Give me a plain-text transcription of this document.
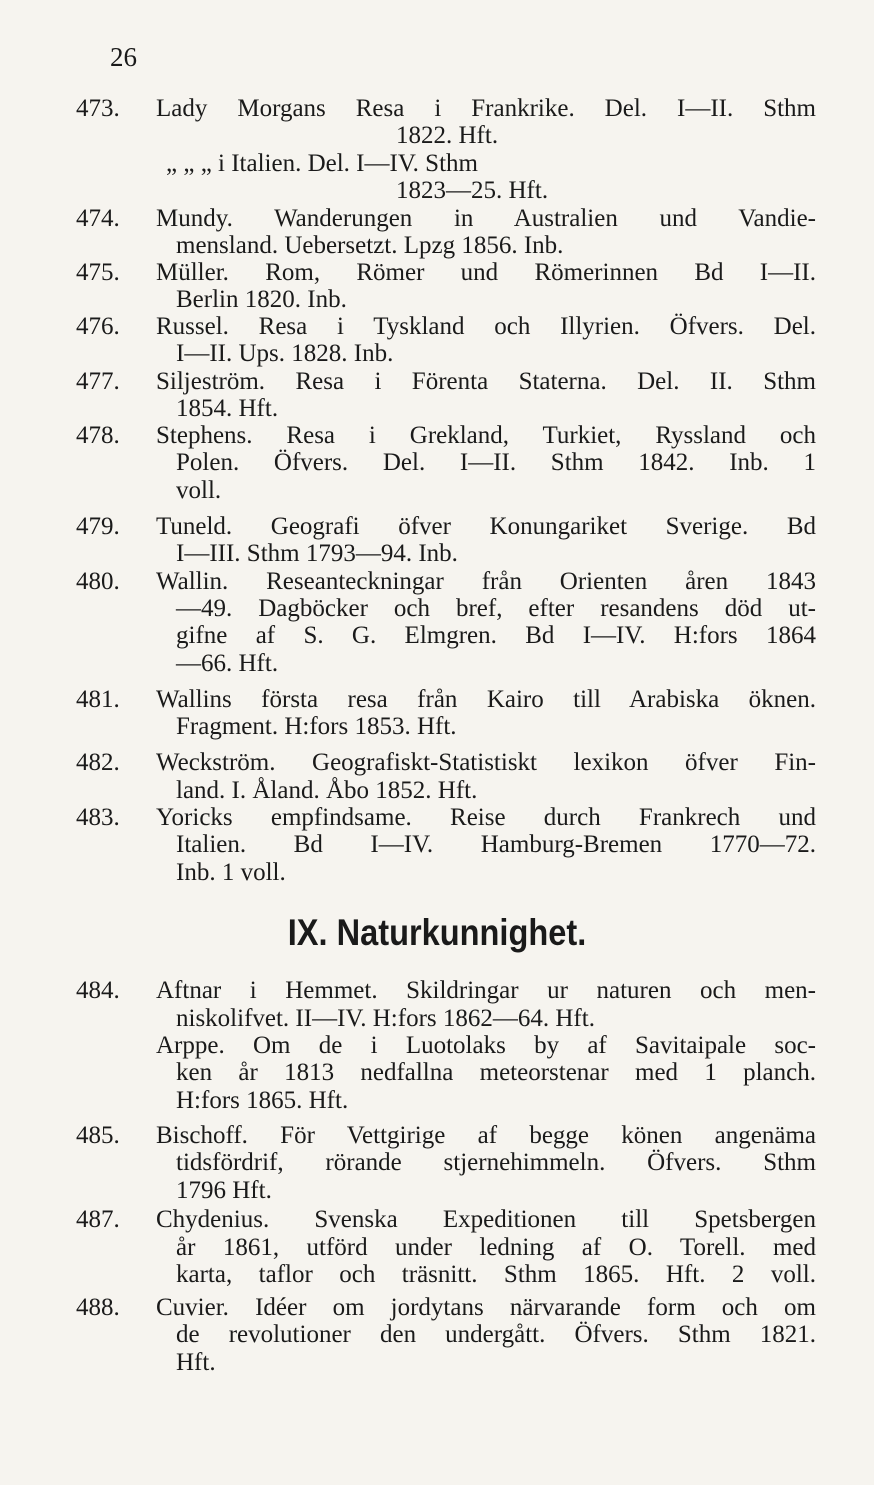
26
473.	Lady Morgans Resa i Frankrike. Del. I—II. Sthm
1822. Hft.
„ „ „ i Italien. Del. I—IV. Sthm
1823—25. Hft.
474.	Mundy. Wanderungen in Australien und Vandie-
mensland. Uebersetzt. Lpzg 1856. Inb.
475.	Müller. Rom, Römer und Römerinnen Bd I—II.
Berlin 1820. Inb.
476.	Russel. Resa i Tyskland och Illyrien. Öfvers. Del.
I—II. Ups. 1828. Inb.
477.	Siljeström. Resa i Förenta Staterna. Del. II. Sthm
1854. Hft.
478.	Stephens. Resa i Grekland, Turkiet, Ryssland och
Polen. Öfvers. Del. I—II. Sthm 1842. Inb. 1
voll.
479.	Tuneld. Geografi öfver Konungariket Sverige. Bd
I—III. Sthm 1793—94. Inb.
480.	Wallin. Reseanteckningar från Orienten åren 1843
—49. Dagböcker och bref, efter resandens död ut-
gifne af S. G. Elmgren. Bd I—IV. H:fors 1864
—66. Hft.
481.	Wallins första resa från Kairo till Arabiska öknen.
Fragment. H:fors 1853. Hft.
482.	Weckström. Geografiskt-Statistiskt lexikon öfver Fin-
land. I. Åland. Åbo 1852. Hft.
483.	Yoricks empfindsame. Reise durch Frankrech und
Italien. Bd I—IV. Hamburg-Bremen 1770—72.
Inb. 1 voll.
IX. Naturkunnighet.
484.	Aftnar i Hemmet. Skildringar ur naturen och men-
niskolifvet. II—IV. H:fors 1862—64. Hft.
Arppe. Om de i Luotolaks by af Savitaipale soc-
ken år 1813 nedfallna meteorstenar med 1 planch.
H:fors 1865. Hft.
485.	Bischoff. För Vettgirige af begge könen angenäma
tidsfördrif, rörande stjernehimmeln. Öfvers. Sthm
1796 Hft.
487.	Chydenius. Svenska Expeditionen till Spetsbergen
år 1861, utförd under ledning af O. Torell. med
karta, taflor och träsnitt. Sthm 1865. Hft. 2 voll.
488.	Cuvier. Idéer om jordytans närvarande form och om
de revolutioner den undergått. Öfvers. Sthm 1821.
Hft.
